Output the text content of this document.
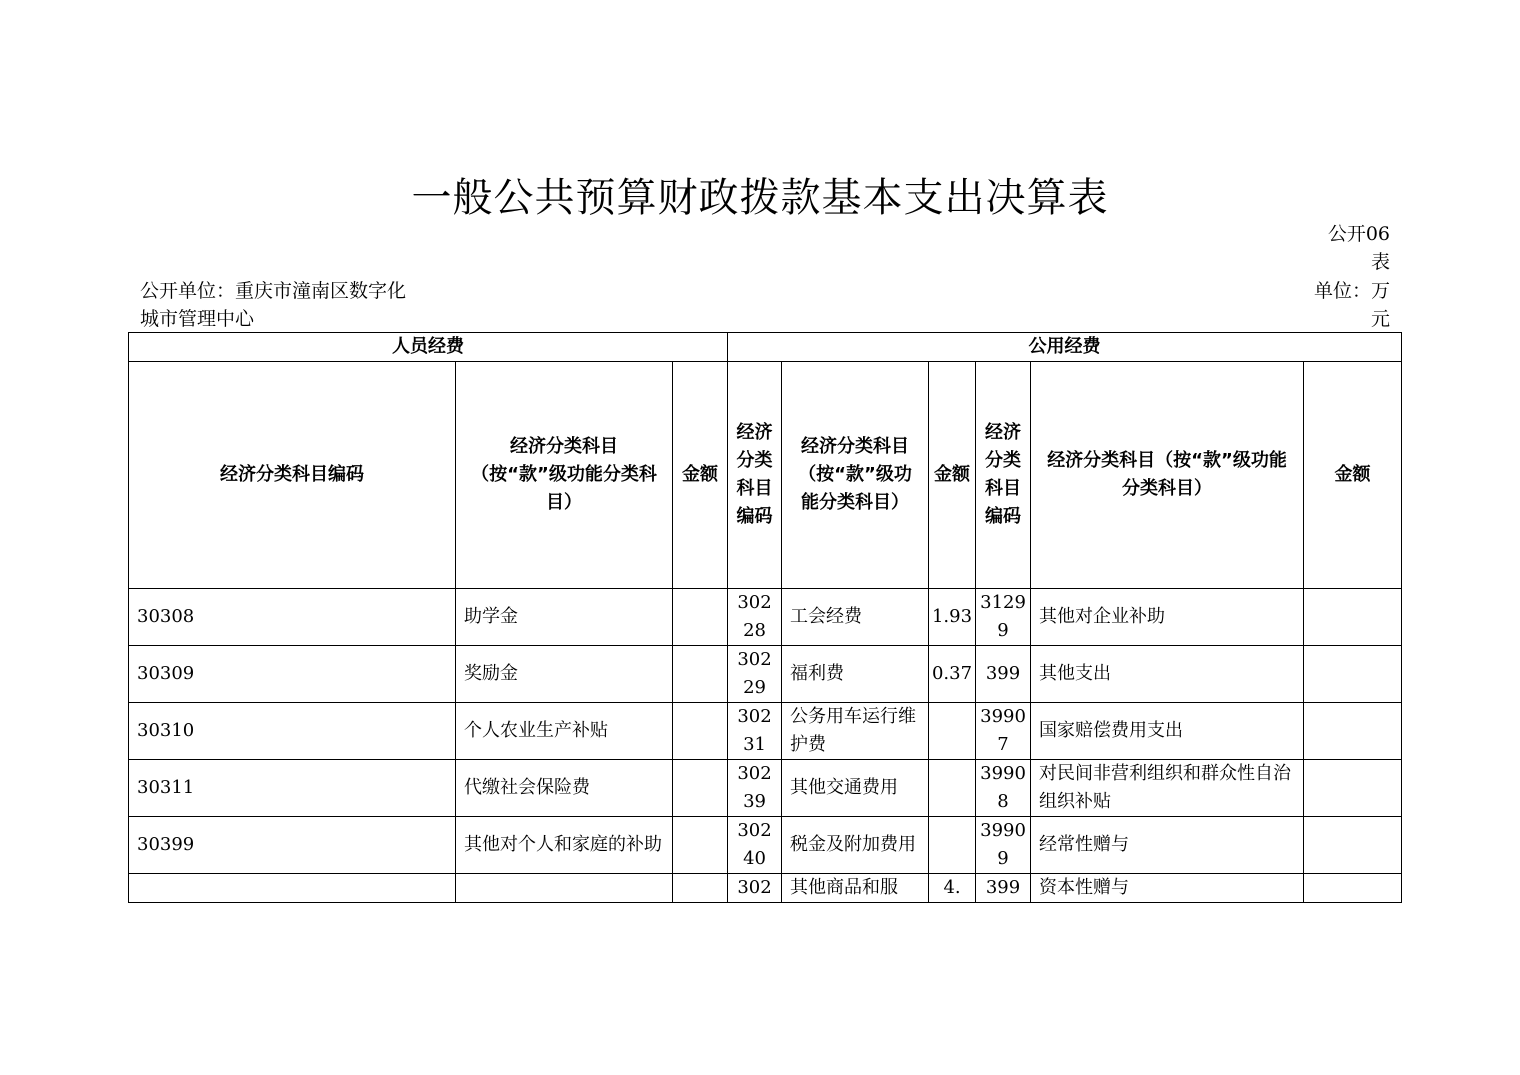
一般公共预算财政拨款基本支出决算表
公开06
表
公开单位：重庆市潼南区数字化
城市管理中心
单位：万
元
人员经费			公用经费					
经济分类科目编码	经济分类科目（按“款”级功能分类科目）	金额	经济分类科目编码	经济分类科目（按“款”级功能分类科目）	金额	经济分类科目编码	经济分类科目（按“款”级功能分类科目）	金额
30308	助学金		30228	工会经费	1.93	31299	其他对企业补助	
30309	奖励金		30229	福利费	0.37	399	其他支出	
30310	个人农业生产补贴		30231	公务用车运行维护费		39907	国家赔偿费用支出	
30311	代缴社会保险费		30239	其他交通费用		39908	对民间非营利组织和群众性自治组织补贴	
30399	其他对个人和家庭的补助		30240	税金及附加费用		39909	经常性赠与	
			302	其他商品和服	4.	399	资本性赠与	
